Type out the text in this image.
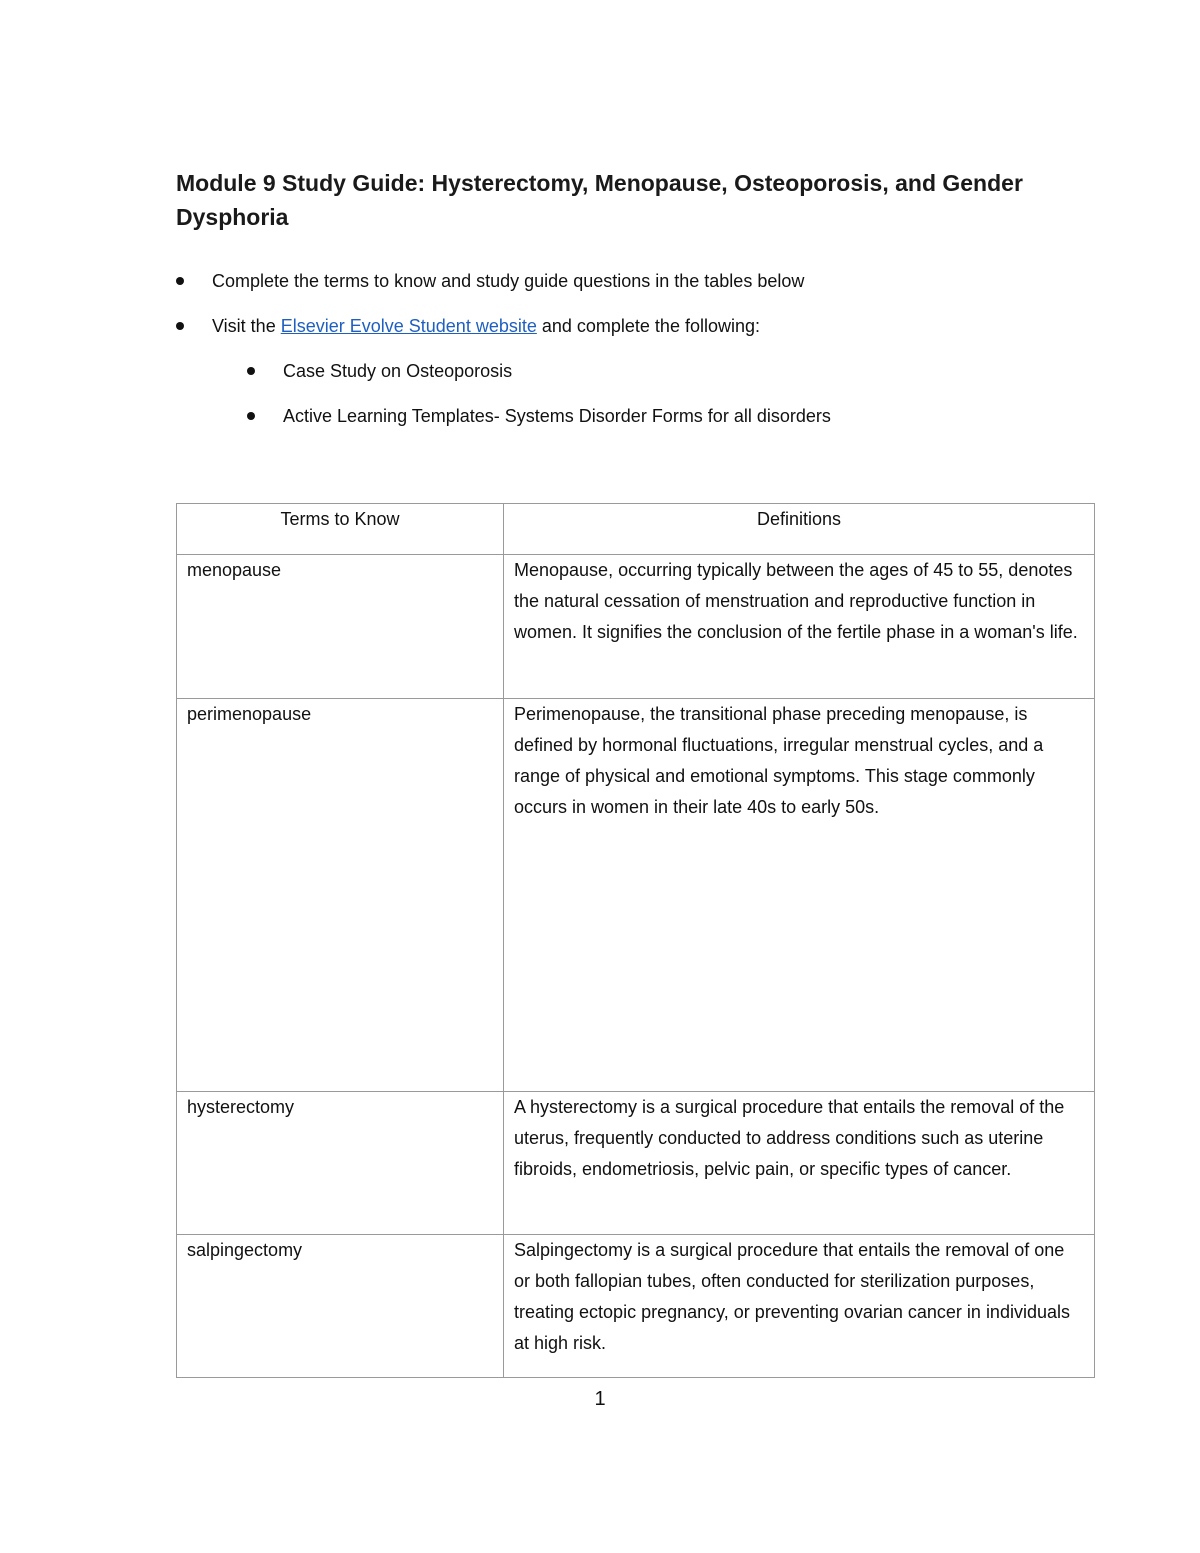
Module 9 Study Guide: Hysterectomy, Menopause, Osteoporosis, and Gender Dysphoria
Complete the terms to know and study guide questions in the tables below
Visit the Elsevier Evolve Student website and complete the following:
Case Study on Osteoporosis
Active Learning Templates- Systems Disorder Forms for all disorders
Terms to Know	Definitions
menopause	Menopause, occurring typically between the ages of 45 to 55, denotes the natural cessation of menstruation and reproductive function in women. It signifies the conclusion of the fertile phase in a woman's life.
perimenopause	Perimenopause, the transitional phase preceding menopause, is defined by hormonal fluctuations, irregular menstrual cycles, and a range of physical and emotional symptoms. This stage commonly occurs in women in their late 40s to early 50s.
hysterectomy	A hysterectomy is a surgical procedure that entails the removal of the uterus, frequently conducted to address conditions such as uterine fibroids, endometriosis, pelvic pain, or specific types of cancer.
salpingectomy	Salpingectomy is a surgical procedure that entails the removal of one or both fallopian tubes, often conducted for sterilization purposes, treating ectopic pregnancy, or preventing ovarian cancer in individuals at high risk.
1
